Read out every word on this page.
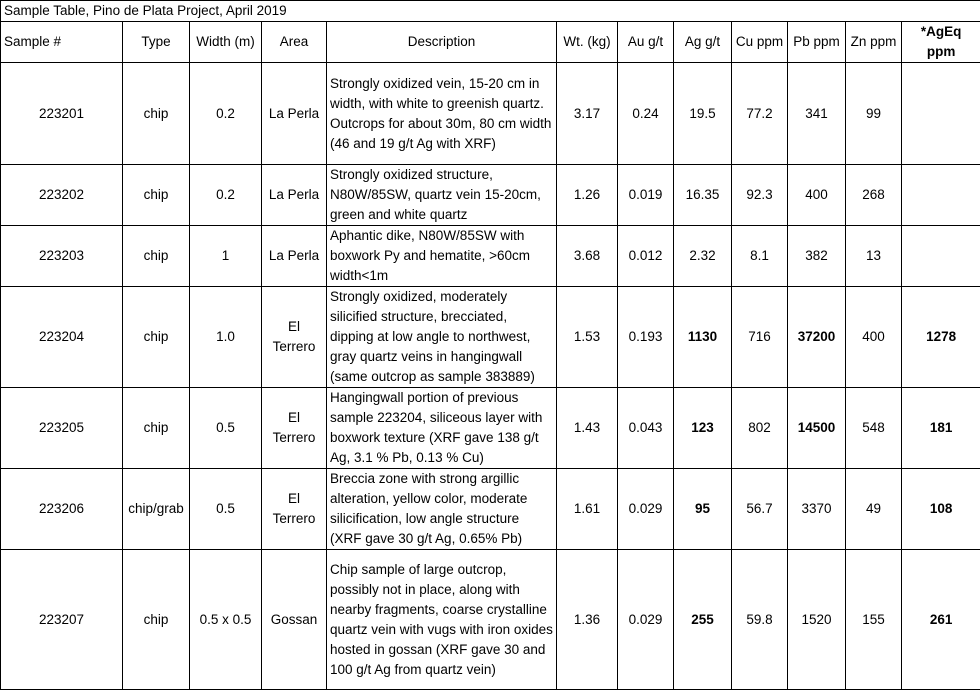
Sample Table, Pino de Plata Project, April 2019											
Sample #	Type	Width (m)	Area	Description	Wt. (kg)	Au g/t	Ag g/t	Cu ppm	Pb ppm	Zn ppm	*AgEq ppm
223201	chip	0.2	La Perla	Strongly oxidized vein, 15-20 cm in width, with white to greenish quartz. Outcrops for about 30m, 80 cm width (46 and 19 g/t Ag with XRF)	3.17	0.24	19.5	77.2	341	99	
223202	chip	0.2	La Perla	Strongly oxidized structure, N80W/85SW, quartz vein 15-20cm, green and white quartz	1.26	0.019	16.35	92.3	400	268	
223203	chip	1	La Perla	Aphantic dike, N80W/85SW with boxwork Py and hematite, >60cm width<1m	3.68	0.012	2.32	8.1	382	13	
223204	chip	1.0	El Terrero	Strongly oxidized, moderately silicified structure, brecciated, dipping at low angle to northwest, gray quartz veins in hangingwall (same outcrop as sample 383889)	1.53	0.193	1130	716	37200	400	1278
223205	chip	0.5	El Terrero	Hangingwall portion of previous sample 223204, siliceous layer with boxwork texture (XRF gave 138 g/t Ag, 3.1 % Pb, 0.13 % Cu)	1.43	0.043	123	802	14500	548	181
223206	chip/grab	0.5	El Terrero	Breccia zone with strong argillic alteration, yellow color, moderate silicification, low angle structure (XRF gave 30 g/t Ag, 0.65% Pb)	1.61	0.029	95	56.7	3370	49	108
223207	chip	0.5 x 0.5	Gossan	Chip sample of large outcrop, possibly not in place, along with nearby fragments, coarse crystalline quartz vein with vugs with iron oxides hosted in gossan (XRF gave 30 and 100 g/t Ag from quartz vein)	1.36	0.029	255	59.8	1520	155	261
